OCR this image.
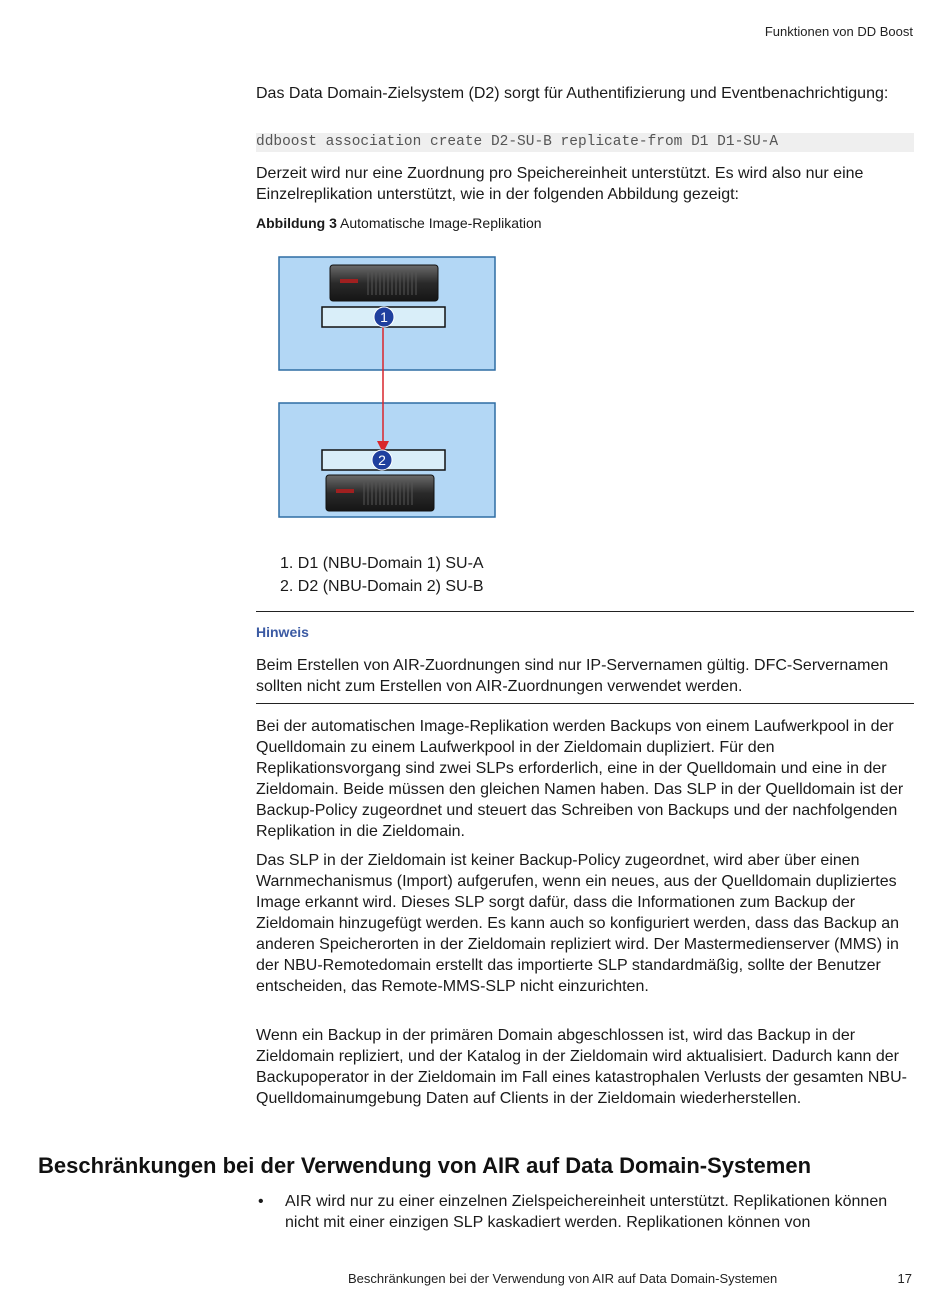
Funktionen von DD Boost

Das Data Domain-Zielsystem (D2) sorgt für Authentifizierung und Eventbenachrichtigung:

ddboost association create D2-SU-B replicate-from D1 D1-SU-A

Derzeit wird nur eine Zuordnung pro Speichereinheit unterstützt. Es wird also nur eine Einzelreplikation unterstützt, wie in der folgenden Abbildung gezeigt:

Abbildung 3 Automatische Image-Replikation
1
2
1. D1 (NBU-Domain 1) SU-A
2. D2 (NBU-Domain 2) SU-B
Hinweis

Beim Erstellen von AIR-Zuordnungen sind nur IP-Servernamen gültig. DFC-Servernamen sollten nicht zum Erstellen von AIR-Zuordnungen verwendet werden.

Bei der automatischen Image-Replikation werden Backups von einem Laufwerkpool in der Quelldomain zu einem Laufwerkpool in der Zieldomain dupliziert. Für den Replikationsvorgang sind zwei SLPs erforderlich, eine in der Quelldomain und eine in der Zieldomain. Beide müssen den gleichen Namen haben. Das SLP in der Quelldomain ist der Backup-Policy zugeordnet und steuert das Schreiben von Backups und der nachfolgenden Replikation in die Zieldomain.

Das SLP in der Zieldomain ist keiner Backup-Policy zugeordnet, wird aber über einen Warnmechanismus (Import) aufgerufen, wenn ein neues, aus der Quelldomain dupliziertes Image erkannt wird. Dieses SLP sorgt dafür, dass die Informationen zum Backup der Zieldomain hinzugefügt werden. Es kann auch so konfiguriert werden, dass das Backup an anderen Speicherorten in der Zieldomain repliziert wird. Der Mastermedienserver (MMS) in der NBU-Remotedomain erstellt das importierte SLP standardmäßig, sollte der Benutzer entscheiden, das Remote-MMS-SLP nicht einzurichten.

Wenn ein Backup in der primären Domain abgeschlossen ist, wird das Backup in der Zieldomain repliziert, und der Katalog in der Zieldomain wird aktualisiert. Dadurch kann der Backupoperator in der Zieldomain im Fall eines katastrophalen Verlusts der gesamten NBU-Quelldomainumgebung Daten auf Clients in der Zieldomain wiederherstellen.

Beschränkungen bei der Verwendung von AIR auf Data Domain-Systemen
• AIR wird nur zu einer einzelnen Zielspeichereinheit unterstützt. Replikationen können nicht mit einer einzigen SLP kaskadiert werden. Replikationen können von
Beschränkungen bei der Verwendung von AIR auf Data Domain-Systemen	17
